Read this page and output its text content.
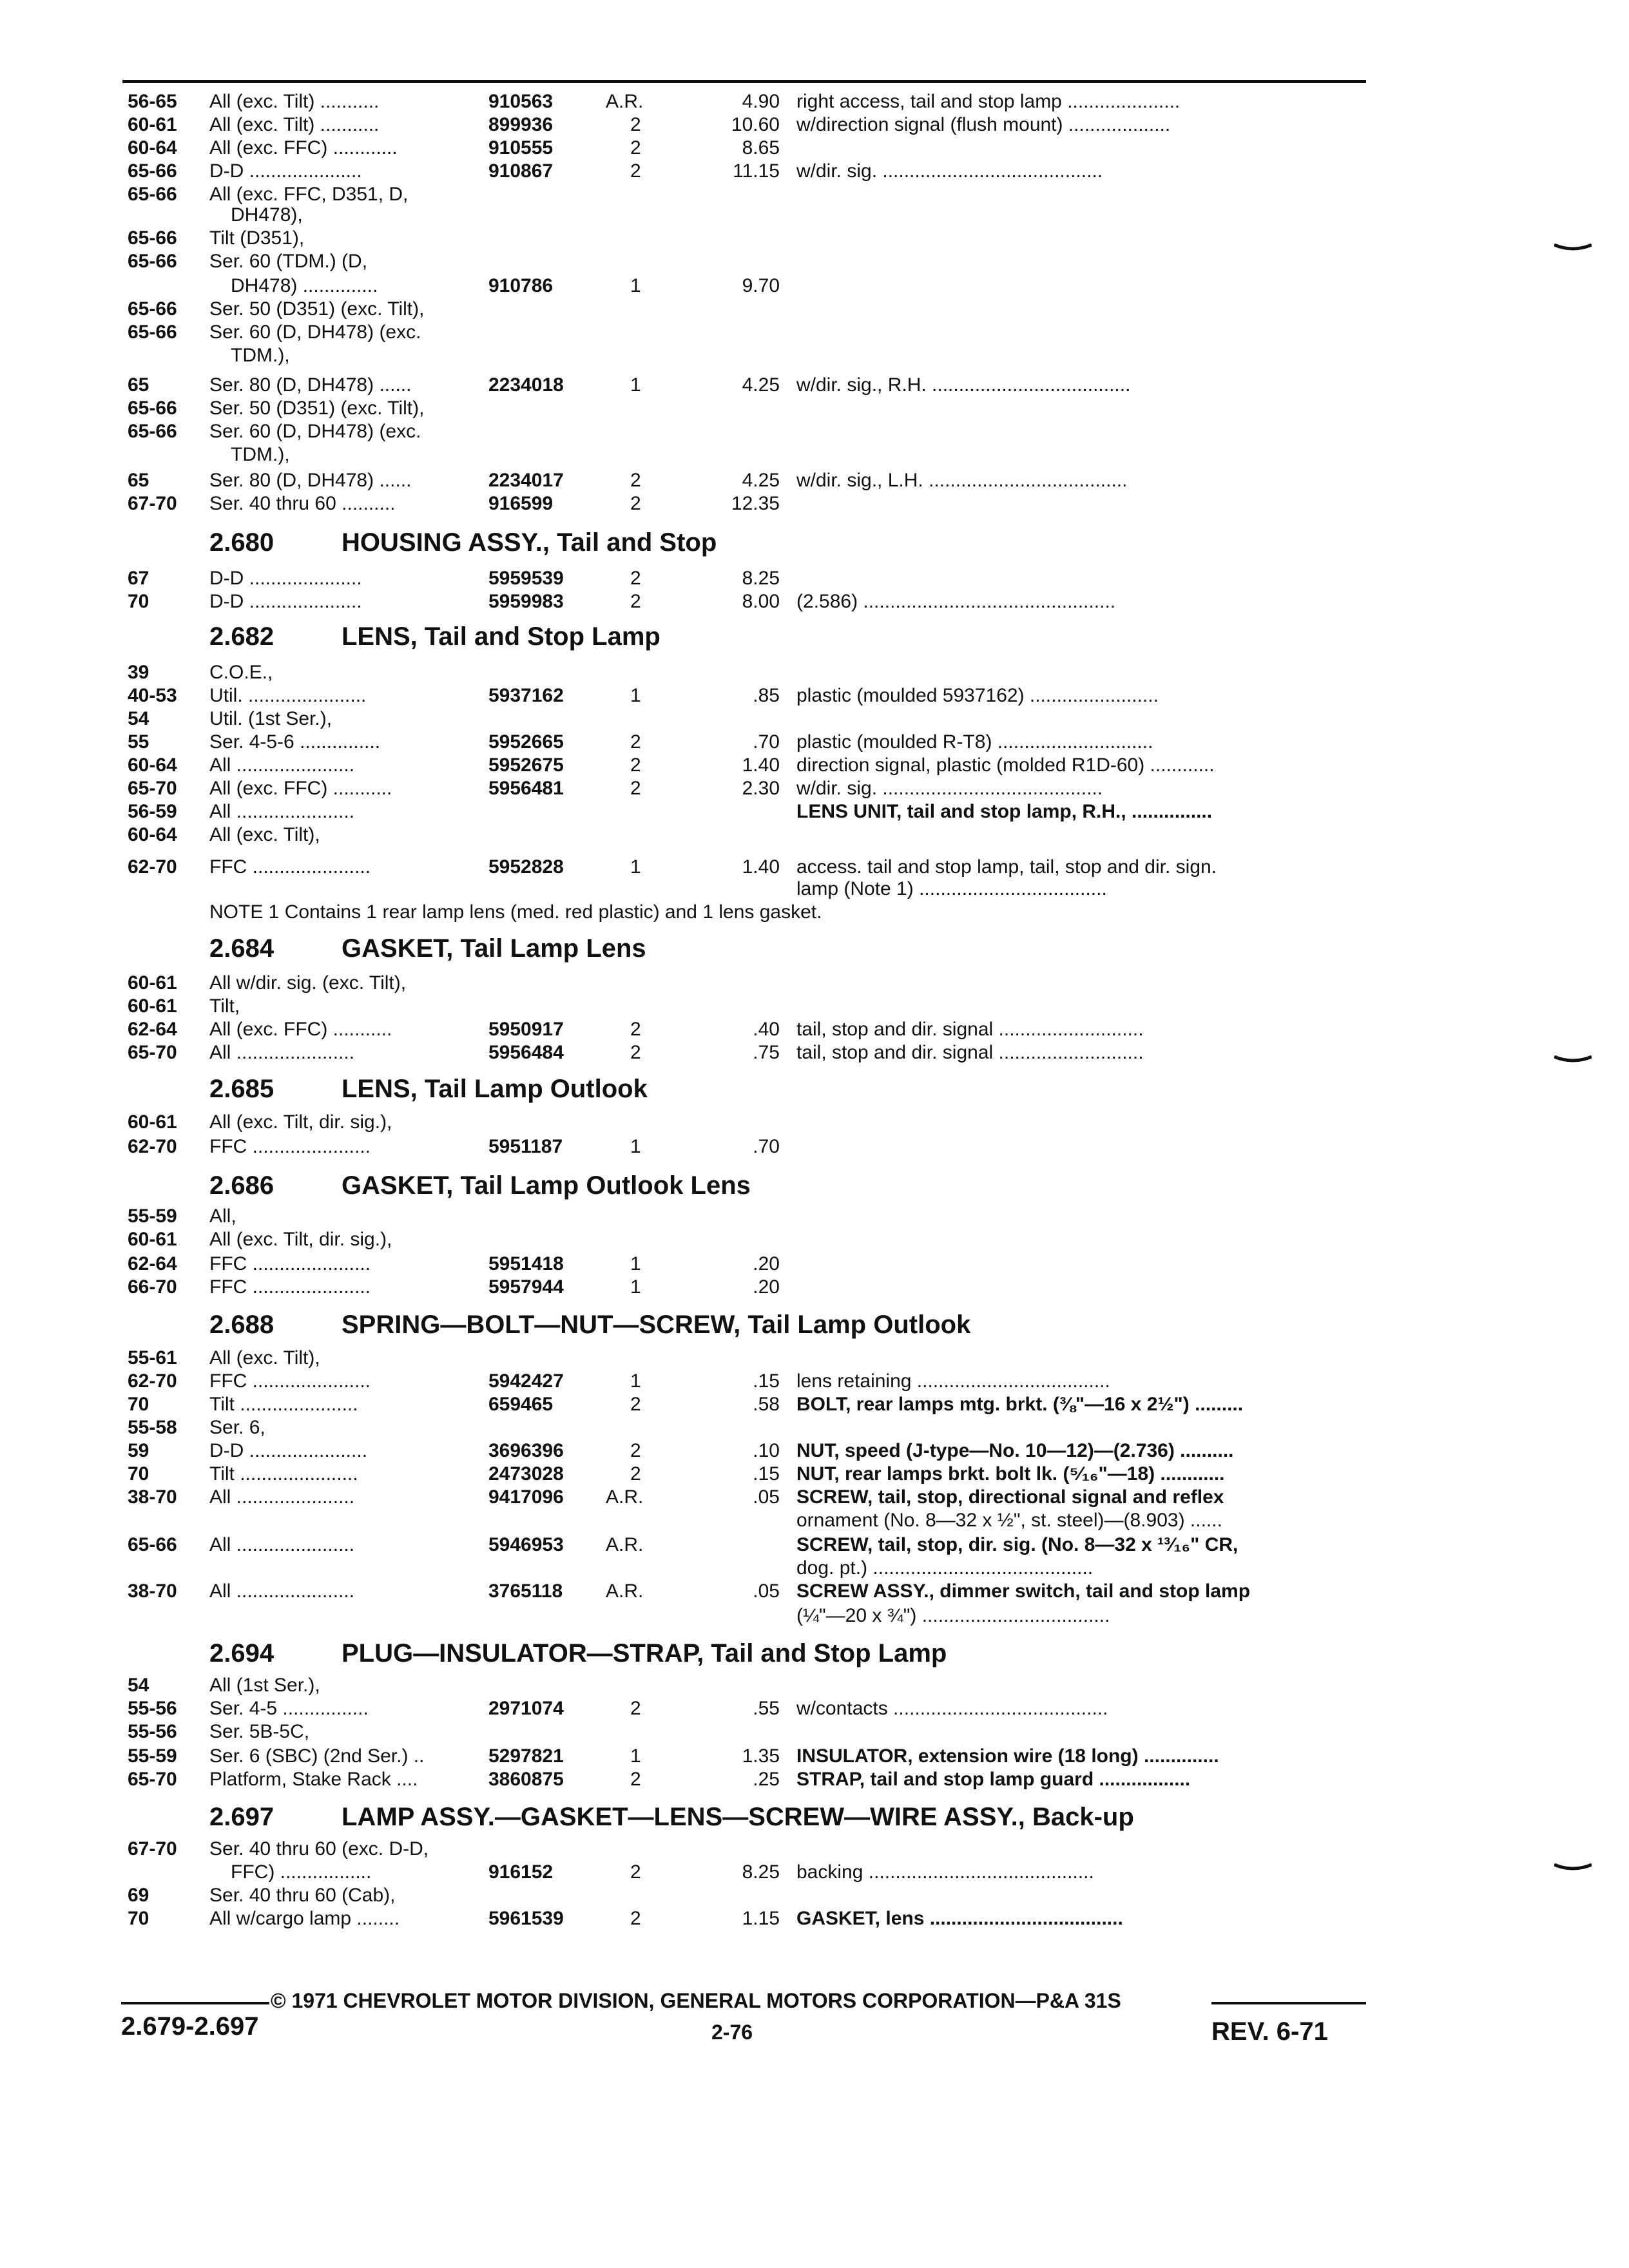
56-65 All (exc. Tilt) ...........	910563	A.R.	4.90 right access, tail and stop lamp .....................
60-61 All (exc. Tilt) ...........	899936	2	10.60 w/direction signal (flush mount) ...................
60-64 All (exc. FFC) ............	910555	2	8.65
65-66 D-D .....................	910867	2	11.15 w/dir. sig. .........................................
65-66 All (exc. FFC, D351, D,
DH478),
65-66 Tilt (D351),
65-66 Ser. 60 (TDM.) (D,
DH478) ..............	910786	1	9.70
65-66 Ser. 50 (D351) (exc. Tilt),
65-66 Ser. 60 (D, DH478) (exc.
TDM.),
65	Ser. 80 (D, DH478) ......	2234018	1	4.25 w/dir. sig., R.H. .....................................
65-66 Ser. 50 (D351) (exc. Tilt),
65-66 Ser. 60 (D, DH478) (exc.
TDM.),
65	Ser. 80 (D, DH478) ......	2234017	2	4.25 w/dir. sig., L.H. .....................................
67-70 Ser. 40 thru 60 ..........	916599	2	12.35
67	D-D .....................	5959539	2	8.25
70	D-D .....................	5959983	2	8.00 (2.586) ...............................................
39	C.O.E.,
40-53 Util. ......................	5937162	1	.85 plastic (moulded 5937162) ........................
54	Util. (1st Ser.),
55	Ser. 4-5-6 ...............	5952665	2	.70 plastic (moulded R-T8) .............................
60-64 All ......................	5952675	2	1.40 direction signal, plastic (molded R1D-60) ............
65-70 All (exc. FFC) ...........	5956481	2	2.30 w/dir. sig. .........................................
56-59 All ......................	LENS UNIT, tail and stop lamp, R.H., ...............
60-64 All (exc. Tilt),
62-70 FFC ......................	5952828	1	1.40 access. tail and stop lamp, tail, stop and dir. sign.
lamp (Note 1) ...................................
60-61 All w/dir. sig. (exc. Tilt),
60-61 Tilt,
62-64 All (exc. FFC) ...........	5950917	2	.40 tail, stop and dir. signal ...........................
65-70 All ......................	5956484	2	.75 tail, stop and dir. signal ...........................
60-61 All (exc. Tilt, dir. sig.),
62-70 FFC ......................	5951187	1	.70
55-59 All,
60-61 All (exc. Tilt, dir. sig.),
62-64 FFC ......................	5951418	1	.20
66-70 FFC ......................	5957944	1	.20
55-61 All (exc. Tilt),
62-70 FFC ......................	5942427	1	.15 lens retaining ....................................
70	Tilt ......................	659465	2	.58 BOLT, rear lamps mtg. brkt. (⅜"—16 x 2½") .........
55-58 Ser. 6,
59	D-D ......................	3696396	2	.10 NUT, speed (J-type—No. 10—12)—(2.736) ..........
70	Tilt ......................	2473028	2	.15 NUT, rear lamps brkt. bolt lk. (⁵⁄₁₆"—18) ............
38-70 All ......................	9417096 A.R.	.05 SCREW, tail, stop, directional signal and reflex
ornament (No. 8—32 x ½", st. steel)—(8.903) ......
65-66 All ......................	5946953 A.R.	SCREW, tail, stop, dir. sig. (No. 8—32 x ¹³⁄₁₆" CR,
dog. pt.) .........................................
38-70 All ......................	3765118 A.R.	.05 SCREW ASSY., dimmer switch, tail and stop lamp
(¼"—20 x ¾") ...................................
54	All (1st Ser.),
55-56 Ser. 4-5 ................	2971074	2	.55 w/contacts ........................................
55-56 Ser. 5B-5C,
55-59 Ser. 6 (SBC) (2nd Ser.) ..	5297821	1	1.35 INSULATOR, extension wire (18 long) ..............
65-70 Platform, Stake Rack ....	3860875	2	.25 STRAP, tail and stop lamp guard .................
67-70 Ser. 40 thru 60 (exc. D-D,
FFC) .................	916152	2	8.25 backing ..........................................
69	Ser. 40 thru 60 (Cab),
70	All w/cargo lamp ........	5961539	2	1.15 GASKET, lens ....................................
2.680	HOUSING ASSY., Tail and Stop
2.682	LENS, Tail and Stop Lamp
2.684	GASKET, Tail Lamp Lens
2.685	LENS, Tail Lamp Outlook
2.686	GASKET, Tail Lamp Outlook Lens
2.688	SPRING—BOLT—NUT—SCREW, Tail Lamp Outlook
2.694	PLUG—INSULATOR—STRAP, Tail and Stop Lamp
2.697	LAMP ASSY.—GASKET—LENS—SCREW—WIRE ASSY., Back-up
NOTE 1 Contains 1 rear lamp lens (med. red plastic) and 1 lens gasket.
© 1971 CHEVROLET MOTOR DIVISION, GENERAL MOTORS CORPORATION—P&A 31S
2.679-2.697	2-76	REV. 6-71
